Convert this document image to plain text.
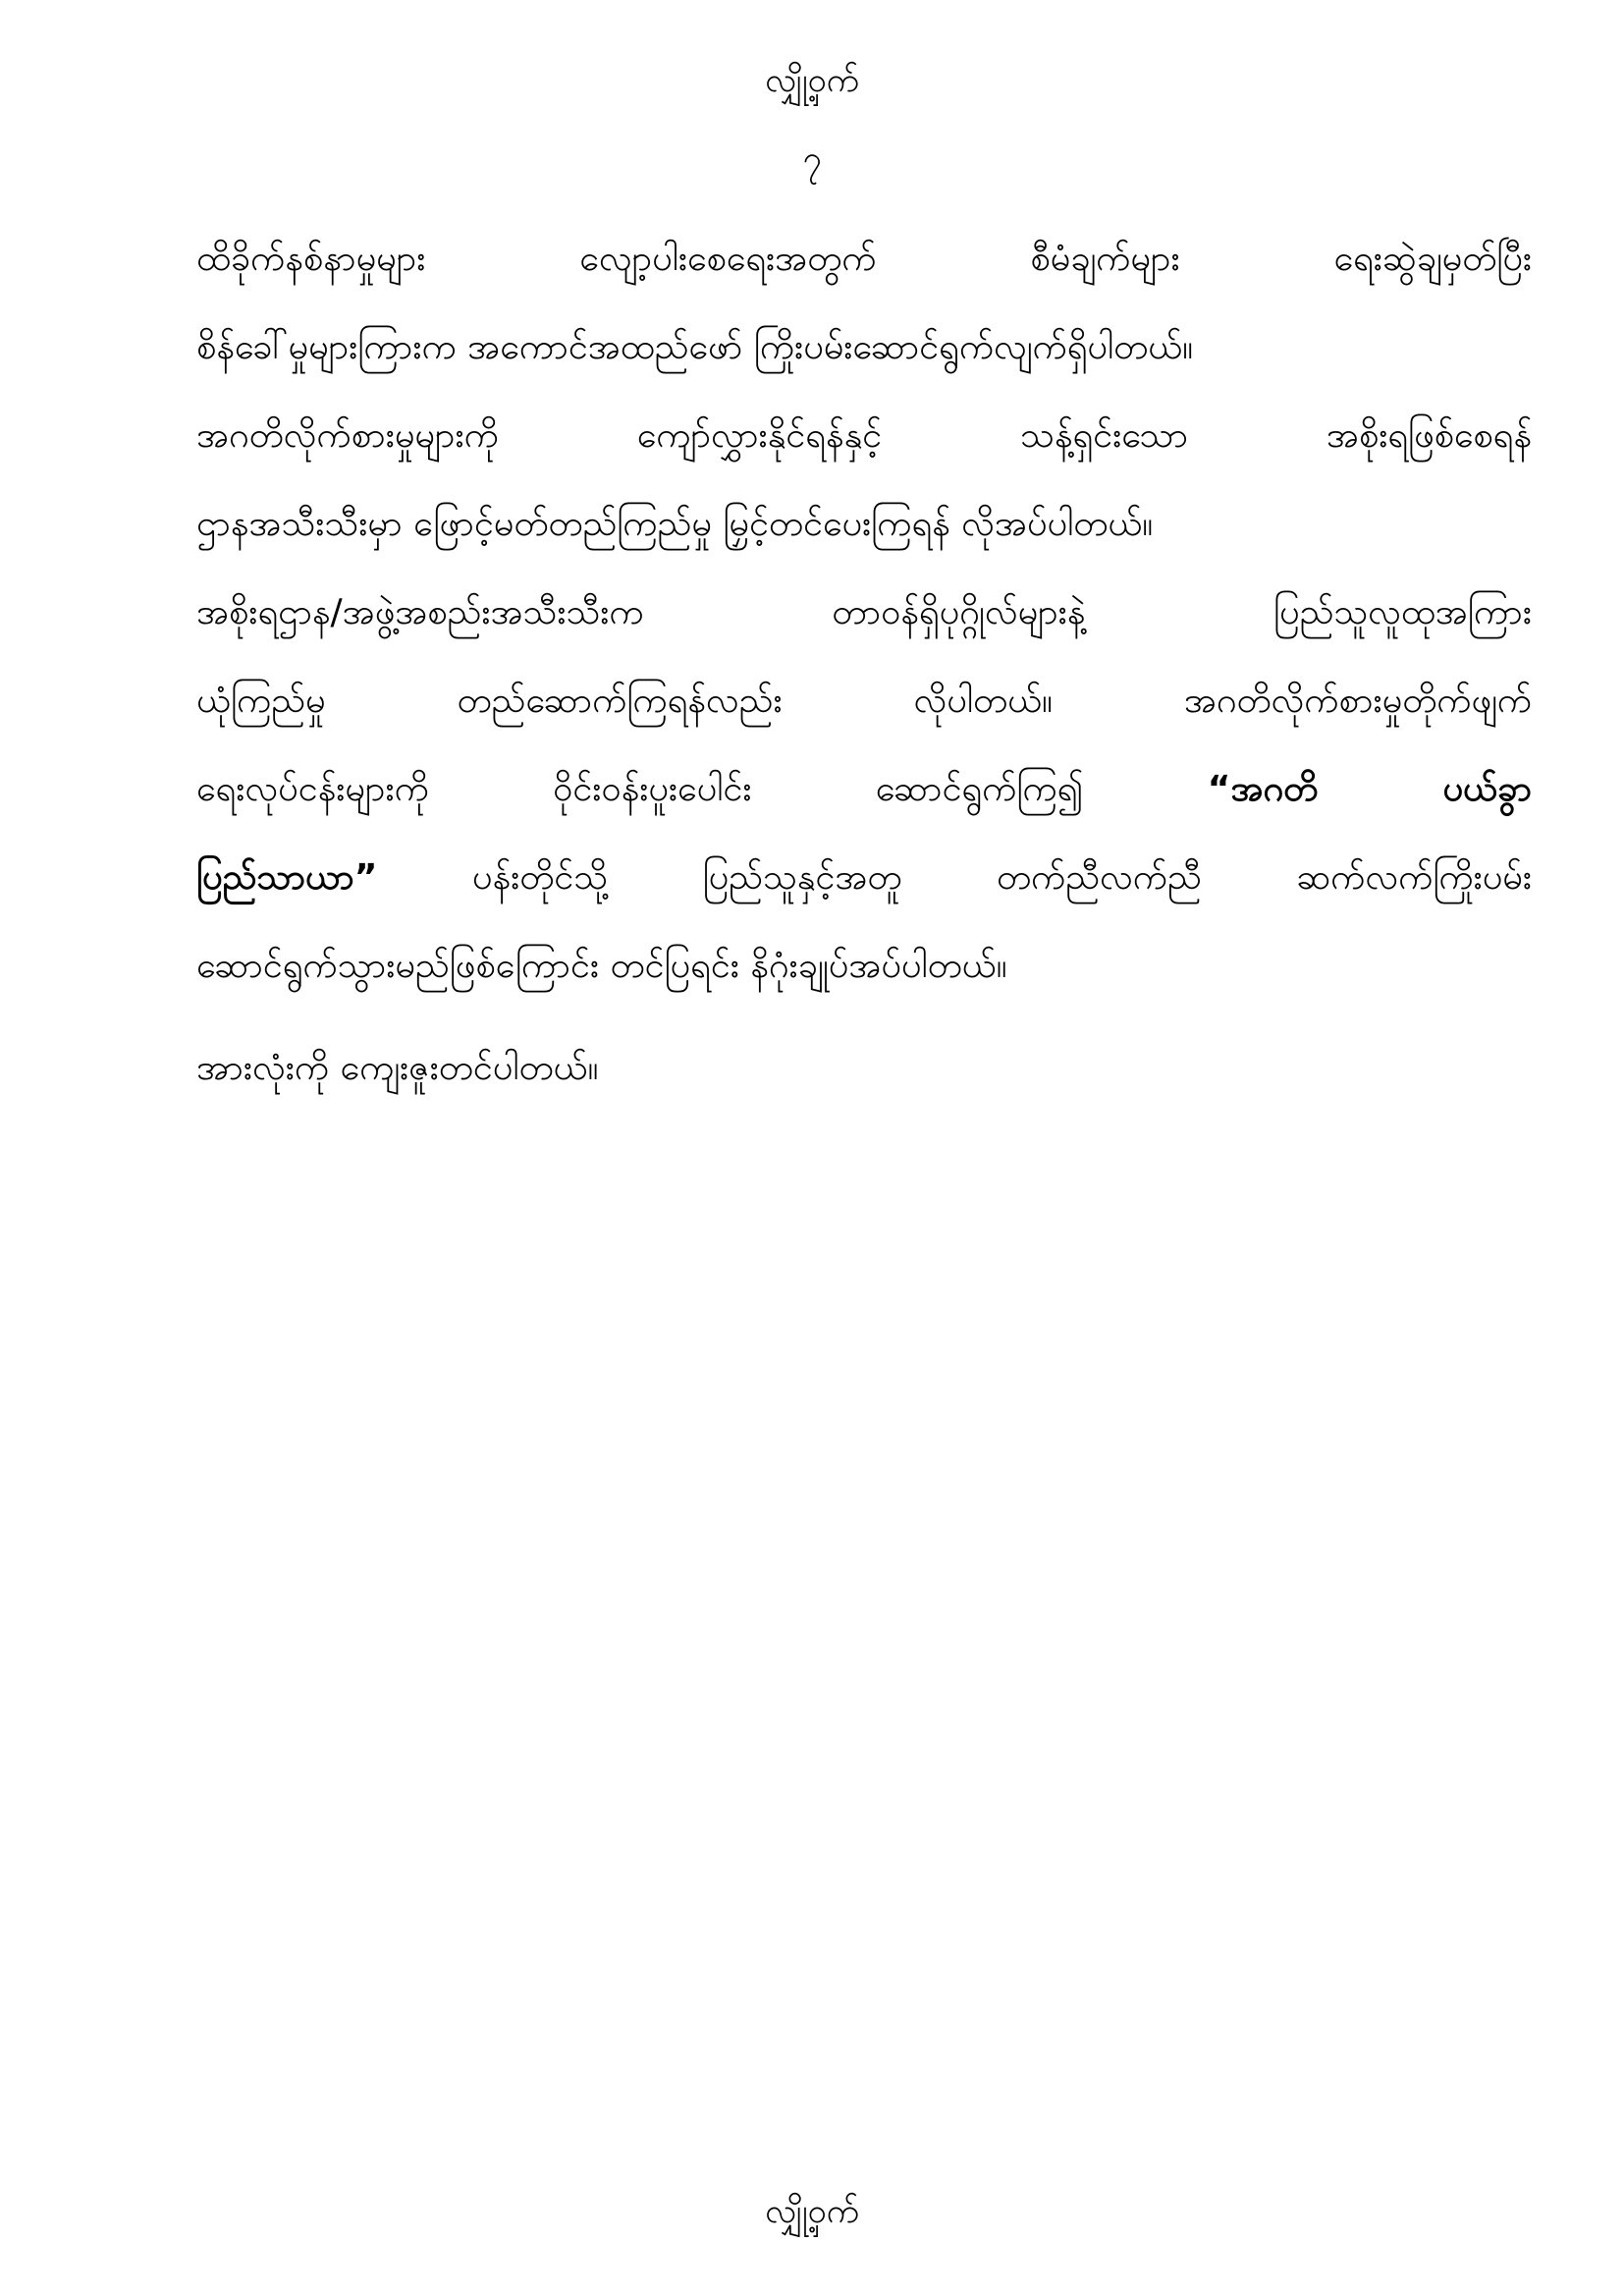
လျှို့ဝှက်
၇
ထိခိုက်နစ်နာမှုများ လျော့ပါးစေရေးအတွက် စီမံချက်များ ရေးဆွဲချမှတ်ပြီး
စိန်ခေါ်မှုများကြားက အကောင်အထည်ဖော် ကြိုးပမ်းဆောင်ရွက်လျက်ရှိပါတယ်။
အဂတိလိုက်စားမှုများကို ကျော်လွှားနိုင်ရန်နှင့် သန့်ရှင်းသော အစိုးရဖြစ်စေရန်
ဌာနအသီးသီးမှာ ဖြောင့်မတ်တည်ကြည်မှု မြှင့်တင်ပေးကြရန် လိုအပ်ပါတယ်။
အစိုးရဌာန/အဖွဲ့အစည်းအသီးသီးက တာဝန်ရှိပုဂ္ဂိုလ်များနဲ့ ပြည်သူလူထုအကြား
ယုံကြည်မှု တည်ဆောက်ကြရန်လည်း လိုပါတယ်။ အဂတိလိုက်စားမှုတိုက်ဖျက်
ရေးလုပ်ငန်းများကို ဝိုင်းဝန်းပူးပေါင်း ဆောင်ရွက်ကြ၍ “အဂတိ ပယ်ခွာ
ပြည်သာယာ” ပန်းတိုင်သို့ ပြည်သူနှင့်အတူ တက်ညီလက်ညီ ဆက်လက်ကြိုးပမ်း
ဆောင်ရွက်သွားမည်ဖြစ်ကြောင်း တင်ပြရင်း နိဂုံးချုပ်အပ်ပါတယ်။
အားလုံးကို ကျေးဇူးတင်ပါတယ်။
လျှို့ဝှက်
